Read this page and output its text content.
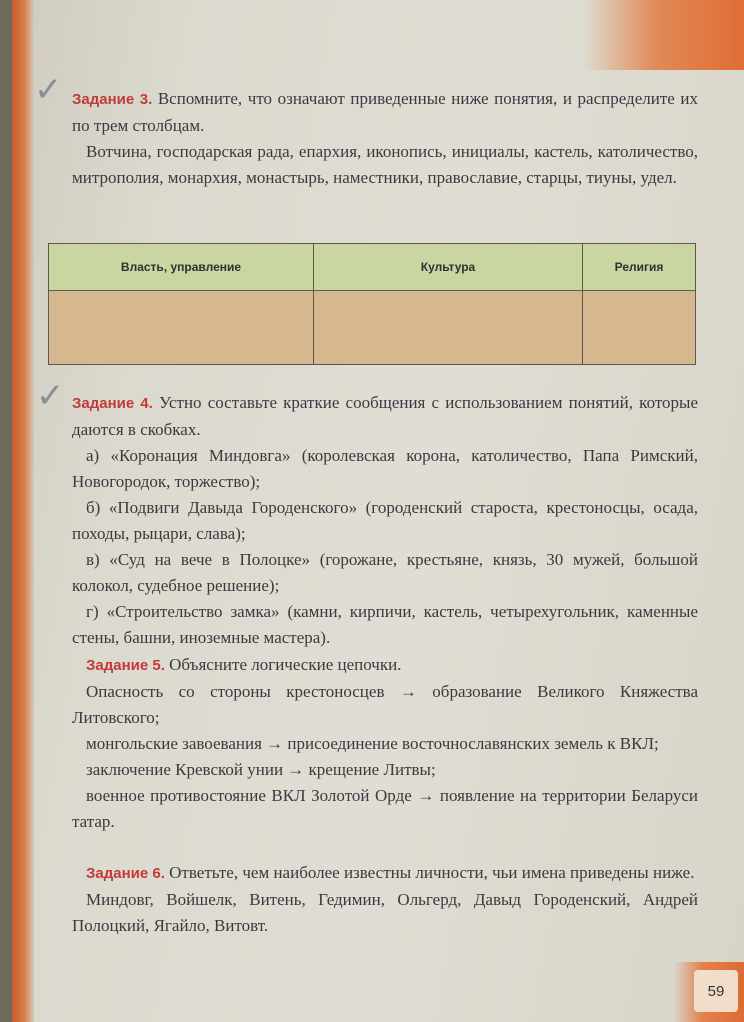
✓
✓

Задание 3. Вспомните, что означают приведенные ниже понятия, и распределите их по трем столбцам.

Вотчина, господарская рада, епархия, иконопись, инициалы, кастель, католичество, митрополия, монархия, монастырь, наместники, православие, старцы, тиуны, удел.

Власть, управление	Культура	Религия

Задание 4. Устно составьте краткие сообщения с использованием понятий, которые даются в скобках.

а) «Коронация Миндовга» (королевская корона, католичество, Папа Римский, Новогородок, торжество);

б) «Подвиги Давыда Городенского» (городенский староста, крестоносцы, осада, походы, рыцари, слава);

в) «Суд на вече в Полоцке» (горожане, крестьяне, князь, 30 мужей, большой колокол, судебное решение);

г) «Строительство замка» (камни, кирпичи, кастель, четырехугольник, каменные стены, башни, иноземные мастера).

Задание 5. Объясните логические цепочки.

Опасность со стороны крестоносцев → образование Великого Княжества Литовского;

монгольские завоевания → присоединение восточнославянских земель к ВКЛ;

заключение Кревской унии → крещение Литвы;

военное противостояние ВКЛ Золотой Орде → появление на территории Беларуси татар.

Задание 6. Ответьте, чем наиболее известны личности, чьи имена приведены ниже.

Миндовг, Войшелк, Витень, Гедимин, Ольгерд, Давыд Городенский, Андрей Полоцкий, Ягайло, Витовт.

59
